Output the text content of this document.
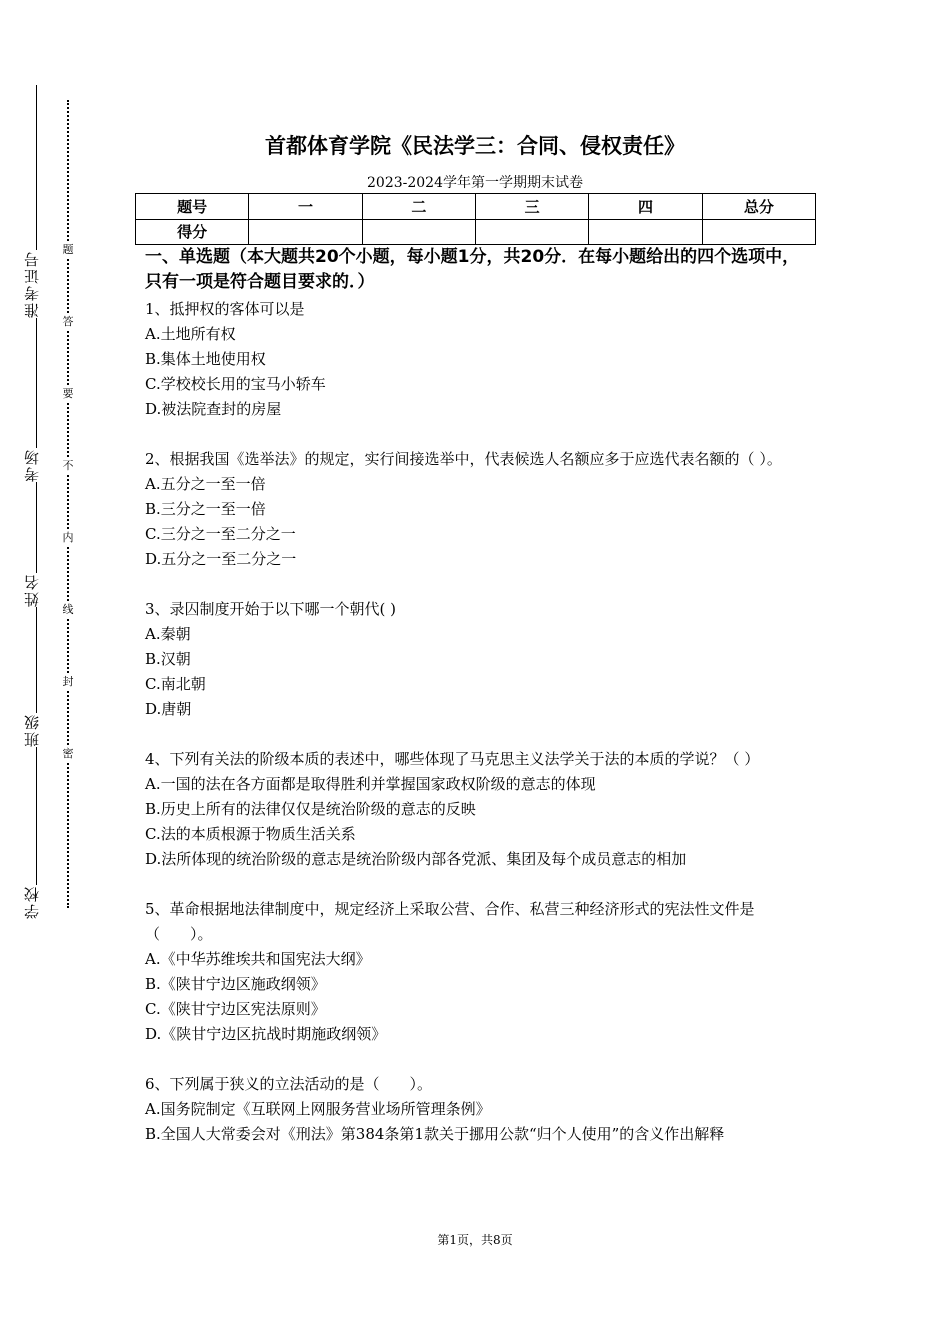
准考证号
考场
姓名
班级
学校
题
答
要
不
内
线
封
密
首都体育学院《民法学三：合同、侵权责任》
2023-2024学年第一学期期末试卷
题号	一	二	三	四	总分
得分					
一、单选题（本大题共20个小题，每小题1分，共20分．在每小题给出的四个选项中，只有一项是符合题目要求的．）

1、抵押权的客体可以是

A.土地所有权

B.集体土地使用权

C.学校校长用的宝马小轿车

D.被法院查封的房屋

2、根据我国《选举法》的规定，实行间接选举中，代表候选人名额应多于应选代表名额的（ ）。

A.五分之一至一倍

B.三分之一至一倍

C.三分之一至二分之一

D.五分之一至二分之一

3、录囚制度开始于以下哪一个朝代( )

A.秦朝

B.汉朝

C.南北朝

D.唐朝

4、下列有关法的阶级本质的表述中，哪些体现了马克思主义法学关于法的本质的学说？（ ）

A.一国的法在各方面都是取得胜利并掌握国家政权阶级的意志的体现

B.历史上所有的法律仅仅是统治阶级的意志的反映

C.法的本质根源于物质生活关系

D.法所体现的统治阶级的意志是统治阶级内部各党派、集团及每个成员意志的相加

5、革命根据地法律制度中，规定经济上采取公营、合作、私营三种经济形式的宪法性文件是（　　）。

A.《中华苏维埃共和国宪法大纲》

B.《陕甘宁边区施政纲领》

C.《陕甘宁边区宪法原则》

D.《陕甘宁边区抗战时期施政纲领》

6、下列属于狭义的立法活动的是（　　）。

A.国务院制定《互联网上网服务营业场所管理条例》

B.全国人大常委会对《刑法》第384条第1款关于挪用公款“归个人使用”的含义作出解释

第1页，共8页
